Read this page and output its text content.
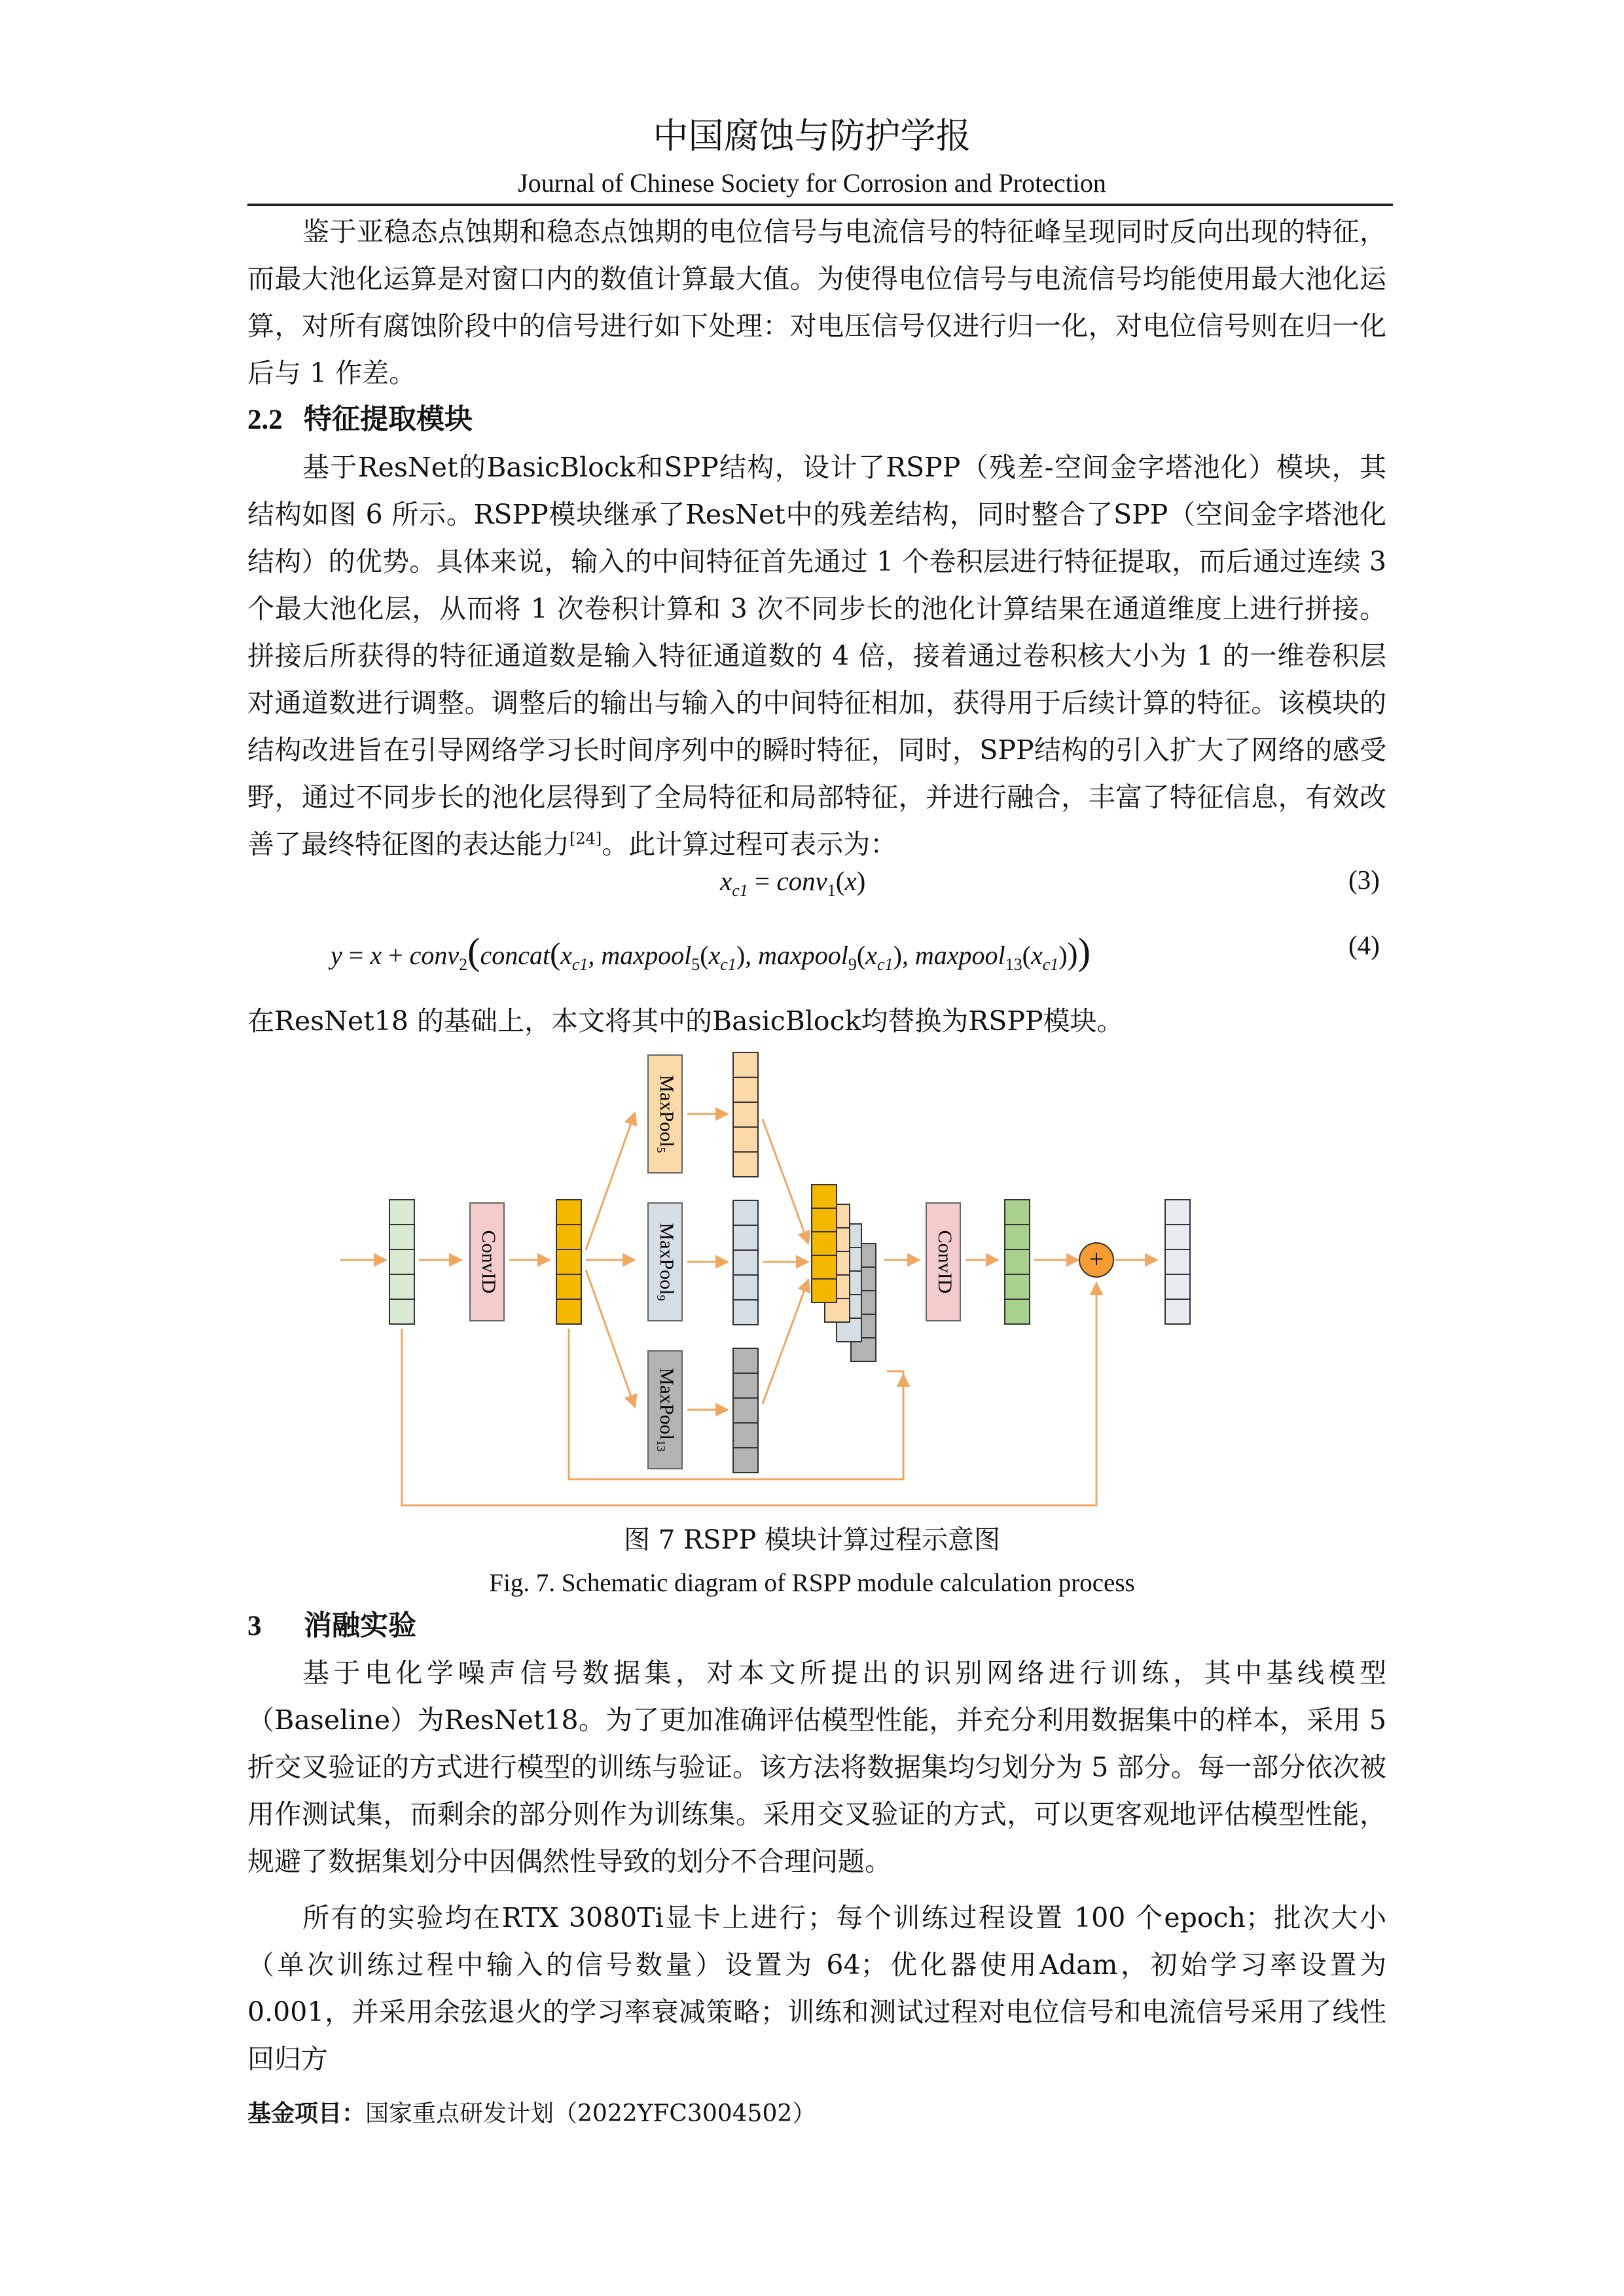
中国腐蚀与防护学报
Journal of Chinese Society for Corrosion and Protection

鉴于亚稳态点蚀期和稳态点蚀期的电位信号与电流信号的特征峰呈现同时反向出现的特征，而最大池化运算是对窗口内的数值计算最大值。为使得电位信号与电流信号均能使用最大池化运算，对所有腐蚀阶段中的信号进行如下处理：对电压信号仅进行归一化，对电位信号则在归一化后与 1 作差。

2.2 特征提取模块

基于ResNet的BasicBlock和SPP结构，设计了RSPP（残差-空间金字塔池化）模块，其结构如图 6 所示。RSPP模块继承了ResNet中的残差结构，同时整合了SPP（空间金字塔池化结构）的优势。具体来说，输入的中间特征首先通过 1 个卷积层进行特征提取，而后通过连续 3 个最大池化层，从而将 1 次卷积计算和 3 次不同步长的池化计算结果在通道维度上进行拼接。拼接后所获得的特征通道数是输入特征通道数的 4 倍，接着通过卷积核大小为 1 的一维卷积层对通道数进行调整。调整后的输出与输入的中间特征相加，获得用于后续计算的特征。该模块的结构改进旨在引导网络学习长时间序列中的瞬时特征，同时，SPP结构的引入扩大了网络的感受野，通过不同步长的池化层得到了全局特征和局部特征，并进行融合，丰富了特征信息，有效改善了最终特征图的表达能力[24]。此计算过程可表示为：

$x_{c1}$ = conv$_1$(x)	(3)
$y = x + conv_2(concat(x_{c1}$, $maxpool_5(x_{c1})$, $maxpool_9(x_{c1})$, $maxpool_{13}(x_{c1})$))	(4)

在ResNet18 的基础上，本文将其中的BasicBlock均替换为RSPP模块。

ConvID
MaxPool$_5$
MaxPool$_9$
MaxPool$_{13}$
ConvID	+
图 7 RSPP 模块计算过程示意图
Fig. 7. Schematic diagram of RSPP module calculation process
3 消融实验

基于电化学噪声信号数据集，对本文所提出的识别网络进行训练，其中基线模型（Baseline）为ResNet18。为了更加准确评估模型性能，并充分利用数据集中的样本，采用 5 折交叉验证的方式进行模型的训练与验证。该方法将数据集均匀划分为 5 部分。每一部分依次被用作测试集，而剩余的部分则作为训练集。采用交叉验证的方式，可以更客观地评估模型性能，规避了数据集划分中因偶然性导致的划分不合理问题。

所有的实验均在RTX 3080Ti显卡上进行；每个训练过程设置 100 个epoch；批次大小（单次训练过程中输入的信号数量）设置为 64；优化器使用Adam，初始学习率设置为 0.001，并采用余弦退火的学习率衰减策略；训练和测试过程对电位信号和电流信号采用了线性回归方

基金项目：国家重点研发计划（2022YFC3004502）
